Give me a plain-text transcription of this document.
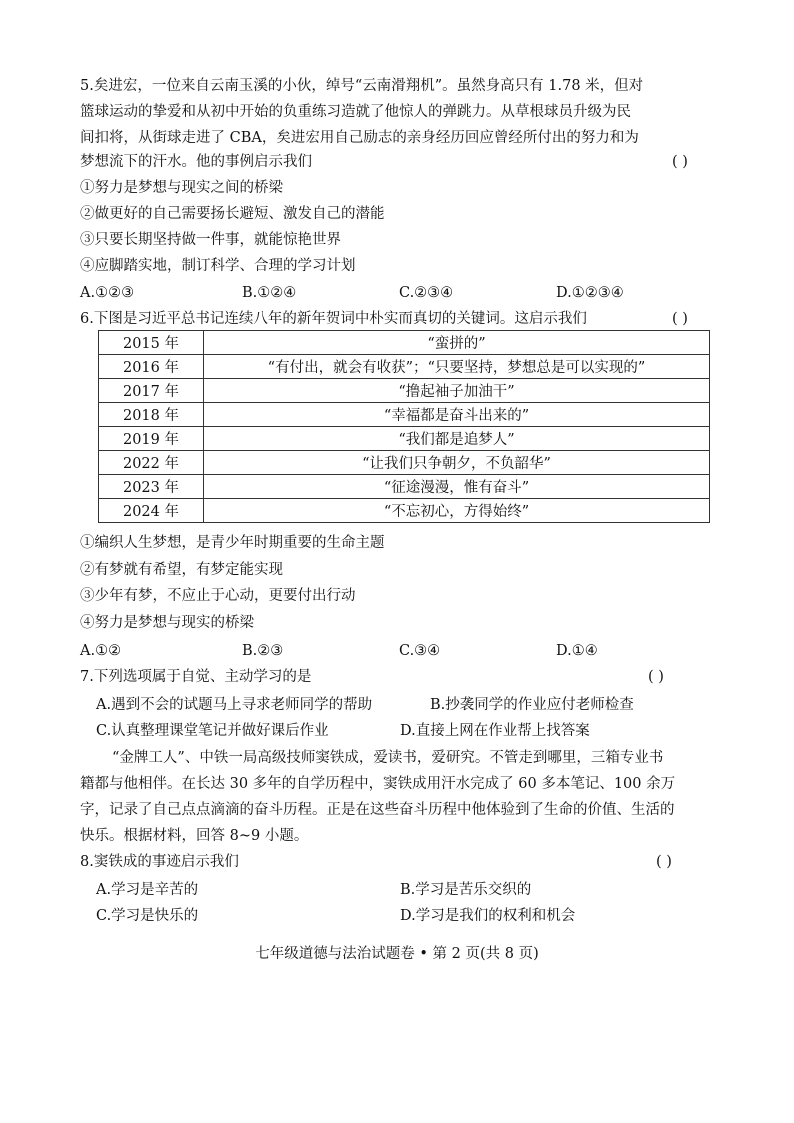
5.矣进宏，一位来自云南玉溪的小伙，绰号“云南滑翔机”。虽然身高只有 1.78 米，但对
篮球运动的挚爱和从初中开始的负重练习造就了他惊人的弹跳力。从草根球员升级为民
间扣将，从街球走进了 CBA，矣进宏用自己励志的亲身经历回应曾经所付出的努力和为
梦想流下的汗水。他的事例启示我们	( )
①努力是梦想与现实之间的桥梁
②做更好的自己需要扬长避短、激发自己的潜能
③只要长期坚持做一件事，就能惊艳世界
④应脚踏实地，制订科学、合理的学习计划
A.①②③	B.①②④	C.②③④	D.①②③④
6.下图是习近平总书记连续八年的新年贺词中朴实而真切的关键词。这启示我们	( )
2015 年	“蛮拼的”
2016 年	“有付出，就会有收获”；“只要坚持，梦想总是可以实现的”
2017 年	“撸起袖子加油干”
2018 年	“幸福都是奋斗出来的”
2019 年	“我们都是追梦人”
2022 年	“让我们只争朝夕，不负韶华”
2023 年	“征途漫漫，惟有奋斗”
2024 年	“不忘初心，方得始终”
①编织人生梦想，是青少年时期重要的生命主题
②有梦就有希望，有梦定能实现
③少年有梦，不应止于心动，更要付出行动
④努力是梦想与现实的桥梁
A.①②	B.②③	C.③④	D.①④
7.下列选项属于自觉、主动学习的是	( )
A.遇到不会的试题马上寻求老师同学的帮助	B.抄袭同学的作业应付老师检查
C.认真整理课堂笔记并做好课后作业	D.直接上网在作业帮上找答案
“金牌工人”、中铁一局高级技师窦铁成，爱读书，爱研究。不管走到哪里，三箱专业书
籍都与他相伴。在长达 30 多年的自学历程中，窦铁成用汗水完成了 60 多本笔记、100 余万
字，记录了自己点点滴滴的奋斗历程。正是在这些奋斗历程中他体验到了生命的价值、生活的
快乐。根据材料，回答 8~9 小题。
8.窦铁成的事迹启示我们	( )
A.学习是辛苦的	B.学习是苦乐交织的
C.学习是快乐的	D.学习是我们的权利和机会
七年级道德与法治试题卷 • 第 2 页(共 8 页)
